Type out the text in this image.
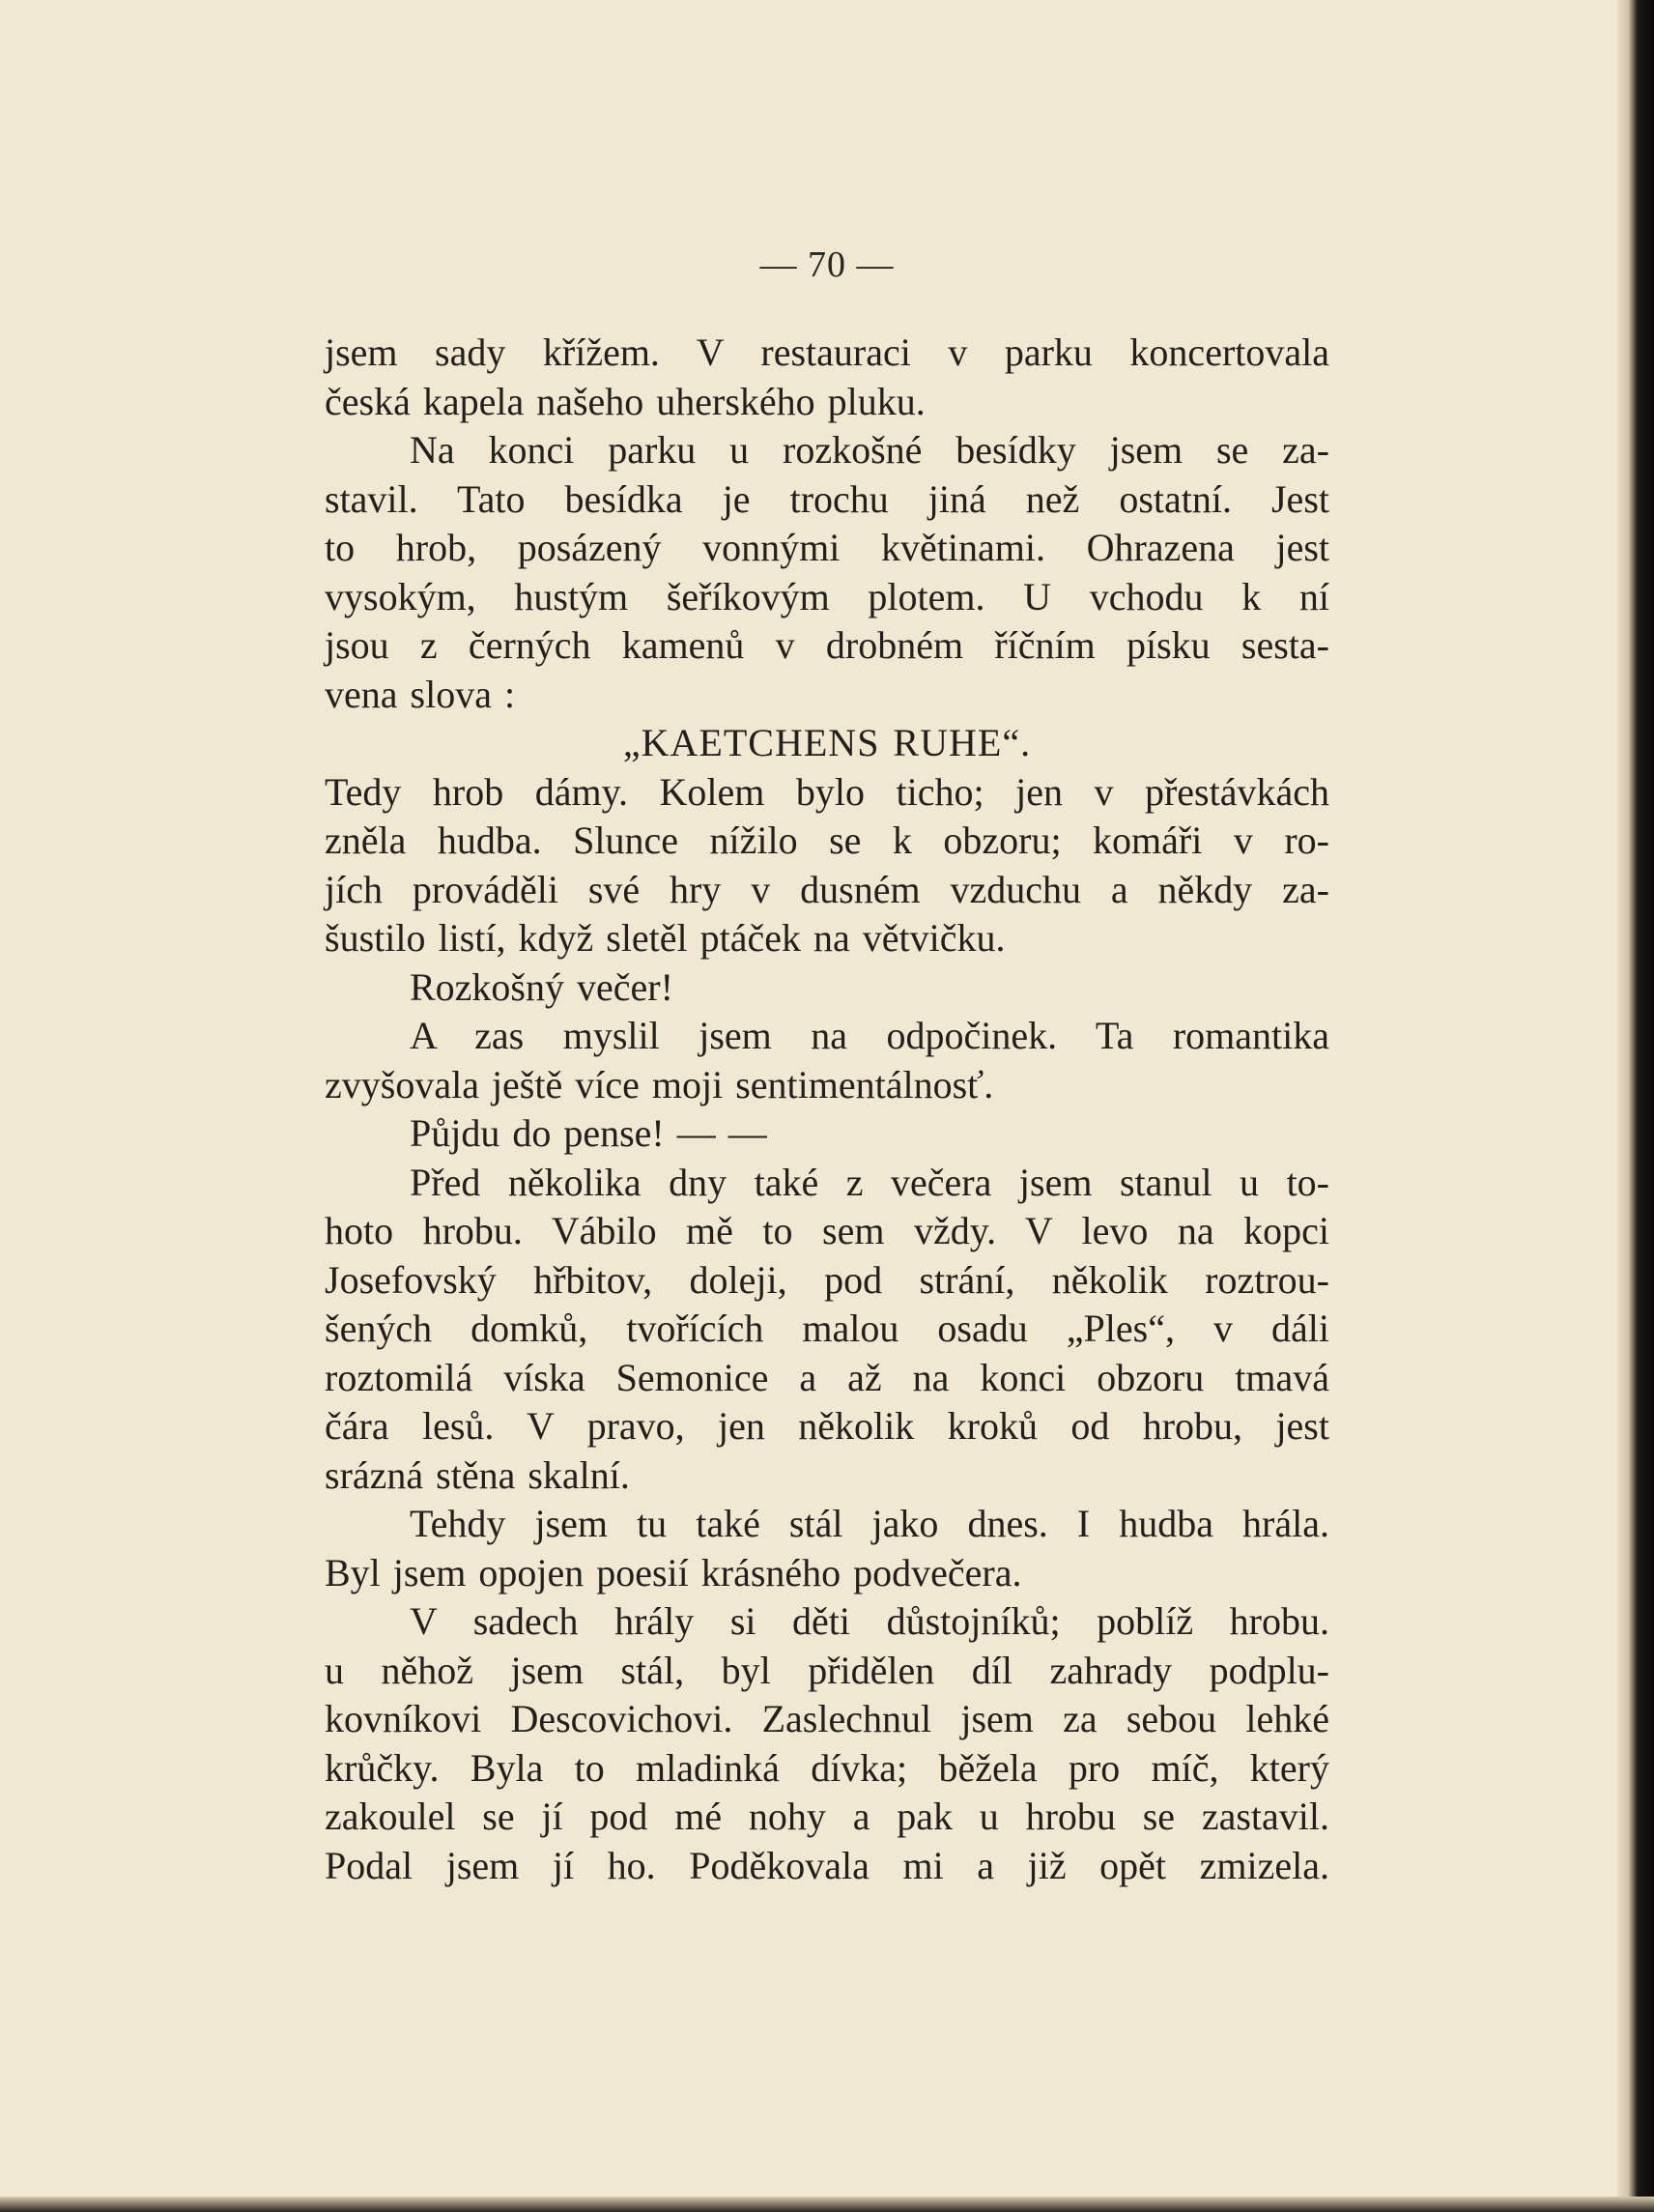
— 70 —
jsem sady křížem. V restauraci v parku koncertovala
česká kapela našeho uherského pluku.
Na konci parku u rozkošné besídky jsem se za-
stavil. Tato besídka je trochu jiná než ostatní. Jest
to hrob, posázený vonnými květinami. Ohrazena jest
vysokým, hustým šeříkovým plotem. U vchodu k ní
jsou z černých kamenů v drobném říčním písku sesta-
vena slova :
„KAETCHENS RUHE“.
Tedy hrob dámy. Kolem bylo ticho; jen v přestávkách
zněla hudba. Slunce nížilo se k obzoru; komáři v ro-
jích prováděli své hry v dusném vzduchu a někdy za-
šustilo listí, když sletěl ptáček na větvičku.
Rozkošný večer!
A zas myslil jsem na odpočinek. Ta romantika
zvyšovala ještě více moji sentimentálnosť.
Půjdu do pense! — —
Před několika dny také z večera jsem stanul u to-
hoto hrobu. Vábilo mě to sem vždy. V levo na kopci
Josefovský hřbitov, doleji, pod strání, několik roztrou-
šených domků, tvořících malou osadu „Ples“, v dáli
roztomilá víska Semonice a až na konci obzoru tmavá
čára lesů. V pravo, jen několik kroků od hrobu, jest
srázná stěna skalní.
Tehdy jsem tu také stál jako dnes. I hudba hrála.
Byl jsem opojen poesií krásného podvečera.
V sadech hrály si děti důstojníků; poblíž hrobu.
u něhož jsem stál, byl přidělen díl zahrady podplu-
kovníkovi Descovichovi. Zaslechnul jsem za sebou lehké
krůčky. Byla to mladinká dívka; běžela pro míč, který
zakoulel se jí pod mé nohy a pak u hrobu se zastavil.
Podal jsem jí ho. Poděkovala mi a již opět zmizela.
